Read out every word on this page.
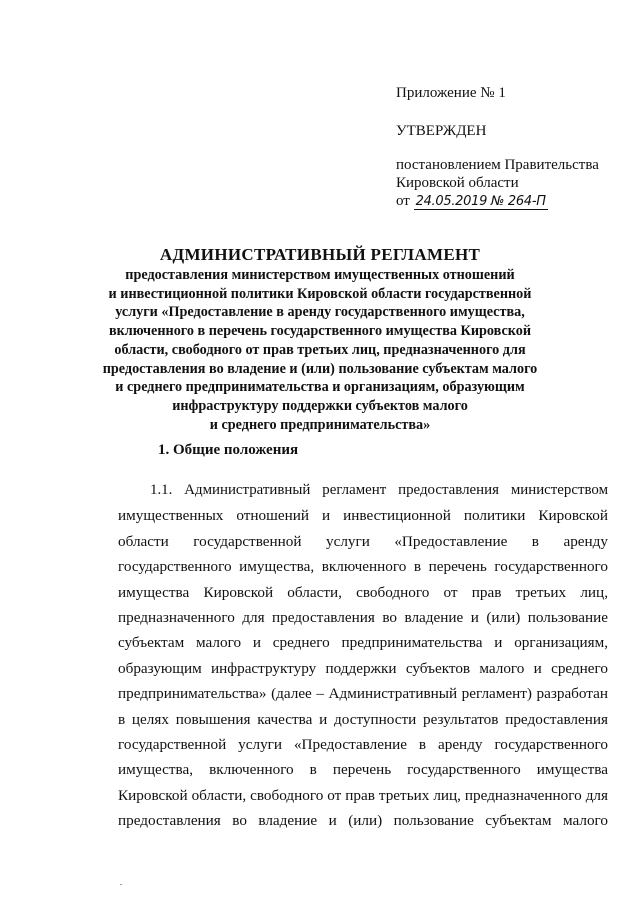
Приложение № 1
УТВЕРЖДЕН
постановлением Правительства
Кировской области
от 24.05.2019 № 264-П
АДМИНИСТРАТИВНЫЙ РЕГЛАМЕНТ
предоставления министерством имущественных отношений
и инвестиционной политики Кировской области государственной
услуги «Предоставление в аренду государственного имущества,
включенного в перечень государственного имущества Кировской
области, свободного от прав третьих лиц, предназначенного для
предоставления во владение и (или) пользование субъектам малого
и среднего предпринимательства и организациям, образующим
инфраструктуру поддержки субъектов малого
и среднего предпринимательства»
1. Общие положения
1.1. Административный регламент предоставления министерством
имущественных отношений и инвестиционной политики Кировской
области государственной услуги «Предоставление в аренду
государственного имущества, включенного в перечень государственного
имущества Кировской области, свободного от прав третьих лиц,
предназначенного для предоставления во владение и (или) пользование
субъектам малого и среднего предпринимательства и организациям,
образующим инфраструктуру поддержки субъектов малого и среднего
предпринимательства» (далее – Административный регламент) разработан
в целях повышения качества и доступности результатов предоставления
государственной услуги «Предоставление в аренду государственного
имущества, включенного в перечень государственного имущества
Кировской области, свободного от прав третьих лиц, предназначенного для
предоставления во владение и (или) пользование субъектам малого
